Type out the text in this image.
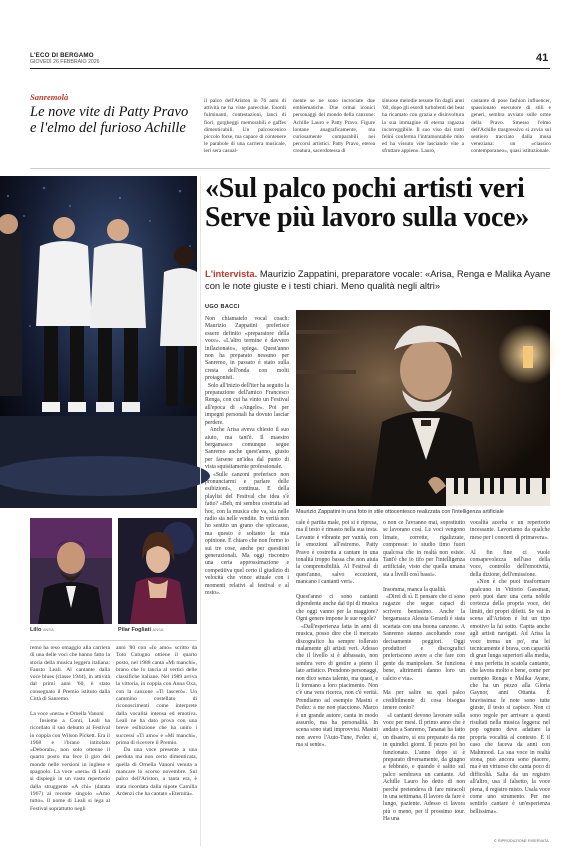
L'ECO DI BERGAMO
GIOVEDÌ 26 FEBBRAIO 2026	41
Sanremolà
Le nove vite di Patty Pravo e l'elmo del furioso Achille
il palco dell'Ariston in 76 anni di attività ne ha viste parecchie. Esordi fulminanti, contestazioni, lanci di fiori, gorgheggi memorabili e gaffes dimenticabili. Un palcoscenico piccolo forse, ma capace di contenere le parabole di una carriera musicale, ieri sera casual-
mente se ne sono incrociate due emblematiche. Due ormai iconici personaggi del mondo della canzone: Achille Lauro e Patty Pravo. Figure lontane anagraficamente, ma curiosamente comparabili nei percorsi artistici. Patty Pravo, eterea creatura, sacerdotessa di
sinuose melodie tessute fin dagli anni '60, dopo gli esordi turbolenti del beat ha ricamato con grazia e disinvoltura la sua immagine di eterna ragazza incorreggibile. Il suo viso dai tratti felini conferma l'intramontabile mito ed ha vissuto vite lasciando vite a sfruttare appieno. Lauro,
cantante di pose fashion influencer, spassionato esecutore di stili e generi, sembra avviato sulle orme della Pravo. Smesso l'elmo dell'Achille trasgressivo si avvia sul sentiero tracciato dalla musa veneziana: un «classico contemporaneo», quasi istituzionale.
«Sul palco pochi artisti veri Serve più lavoro sulla voce»
L'intervista. Maurizio Zappatini, preparatore vocale: «Arisa, Renga e Malika Ayane con le note giuste e i testi chiari. Meno qualità negli altri»
UGO BACCI
Non chiamatelo vocal coach: Maurizio Zappatini preferisce essere definito «preparatore della voce». «L'altro termine è davvero inflazionato», spiega. Quest'anno non ha preparato nessuno per Sanremo, in passato è stato sulla cresta dell'onda con molti protagonisti.
Solo all'inizio dell'iter ha seguito la preparazione dell'amico Francesco Renga, con cui ha vinto un Festival all'epoca di «Angelo». Poi per impegni personali ha dovuto lasciar perdere.
Anche Arisa aveva chiesto il suo aiuto, ma tant'è. Il maestro bergamasco comunque segue Sanremo anche quest'anno, giusto per farsene un'idea dal punto di vista squisitamente professionale.
«Sulle canzoni preferisco non pronunciarmi e parlare delle esibizioni», continua. E della playlist del Festival che idea s'è fatto? «Beh, mi sembra costruita ad hoc, con la musica che va, sia nelle radio sia nelle vendite. In verità non ho sentito un grano che spiccasse, ma questo è soltanto la mia opinione. È chiaro che non formo io sui tre cose, anche per questioni generazionali. Ma oggi riscontro una certa approssimazione e competitiva quel certo il giudizio di velocità che vince attuale con i momenti relativi al festival e al resto».
Maurizio Zappatini in una foto in stile ottocentesco realizzata con l'intelligenza artificiale
cale è partita male, poi si è ripresa, ma il testo è rimasto nella sua testa. Levante è vibrante per vanità, con le emozioni all'estremo. Patty Pravo è costretta a cantare in una tonalità troppo bassa che non aiuta la comprensibilità. Al Festival di quest'anno, salvo eccezioni, mancano i cantanti veri».

Quest'anno ci sono cantanti dipendente anche dai tipi di musica che oggi vanno per la maggiore? Ogni genere impone le sue regole?
«Dall'esperienza fatta in anni di musica, posso dire che il mercato discografico ha sempre tollerato malamente gli artisti veri. Adesso che il livello si è abbassato, non sembra vero di gestire a pieno il lato artistico. Prendono personaggi, non dico senza talento, ma quasi, e li formano a loro piacimento. Non c'è una vera ricerca, non c'è verità. Prendiamo ad esempio Masini e Fedez: a me non piacciono. Marco è un grande autore, canta in modo assurdo, ma ha personalità. In scena sono stati improvvisi. Masini non avevo l'Auto-Tune, Fedez sì, ma si sente».
o non ce l'avranno mai, soprattutto se lavorano così. Le voci vengono limate, corrette, rigalizzate, compresse: io studio timo fuori qualcosa che in realtà non esiste. Tant'è che io tifo per l'intelligenza artificiale, visto che quella umana sta a livelli così bassi».

Insomma, manca la qualità.
«Direi di sì. E pensare che ci sono ragazze che segue capaci di scrivere benissimo. Anche la bergamasca Alessia Gerardi è stata scartata con una buona canzone. A Sanremo stanno ascoltando cose decisamente peggiori. Oggi produttori e discografici preferiscono avere a che fare con gente da manipolare. Se funziona bene, altrimenti danno loro un calcio e via».

Ma per salire su quel palco credibilmente di cosa bisogna tenere conto?
«I cantanti devono lavorare sulla voce per mesi. Il primo anno che è andato a Sanremo, Tananai ha fatto un disastro, si era preparato da me in quindici giorni. Il pezzo poi ho funzionato. L'anno dopo si è preparato diversamente, da giugno a febbraio, e quando è salito sul palco sembrava un cantante. Ad Achille Lauro ho detto di non perché pretendeva di fare miracoli in una settimana. Il lavoro da fare è lungo, paziente. Adesso ci lavora più o meno, per il prossimo tour. Ha una
vocalità acerba e un repertorio incessante. Lavoriamo da qualche mese per i concerti di primavera».

Al fin fine ci vuole consapevolezza nell'uso della voce, controllo dell'emotività, della dizione, dell'emissione.
«Non è che puoi trasformare qualcuno in Vittorio Gassman, però puoi dare una certa nobile cortezza della propria voce, dei limiti, dei propri difetti. Se vai in scena all'Ariston è lui un tipo emotivo la fai sotto. Capita anche agli artisti navigati. Ad Arisa la voce trema un po', ma lei tecnicamente è brava, con capacità di gran lunga superiori alla media, è una perfetta in scatola cantante, che lavora molto e bene, come per esempio Renga e Malika Ayane, che ha un pezzo alla Gloria Gaynor, anni Ottanta. È bravissima: le note sono tutte giuste, il testo si capisce. Non ci sono regole per arrivare a questi risultati nella musica leggera: nel pop ognuno deve adattare la propria vocalità al contesto. È il caso che faceva da anni con Mahmood. La sua voce in realtà stona, può ancora sono piacere, ma è un virtuoso che canta poco di difficoltà. Salta da un registro all'altro, usa il falsetto, la voce piena, il registro misto. Usala voce come uno strumento. Per me sentirlo cantare è un'esperienza bellissima».
© RIPRODUZIONE RISERVATA
Lillo ANSA	Pilar Fogliati ANSA
remo ha reso omaggio alla carriera di una delle voci che hanno fatto la storia della musica leggera italiana: Fausto Leali. Al cantante dalla voce blues (classe 1944), in attività dal primi anni '60, è stato consegnato il Premio istituto dalla Città di Sanremo.

La voce «nera» e Ornella Vanoni
Insieme a Conti, Leali ha ricordato il suo debutto al Festival in coppia con Wilson Pickett. Era il 1968 e l'brano intitolato «Deborah», non solo ottenne il quarto posto ma fece il giro del mondo nelle versioni in inglese e spagnolo. La voce «nera» di Leali si dispiegò in un vasto repertorio dalla struggente «A chi» (datata 1967) al recente singolo «Amo tutto». Il nome di Leali si lega al Festival soprattutto negli
anni '80 con «Io amo» scritto da Toto Cutugno ottiene il quarto posto, nel 1988 canta «Mi manchi», brano che lo lancia al vertici delle classifiche italiane. Nel 1989 arriva la vittoria, in coppia con Anna Oxa, con la canzone «Ti lascerò». Un cammino costellato di riconoscimenti come interprete dalla vocalità intensa ed emotiva. Leali ne ha dato prova con una breve esibizione che ha unito i successi «Ti amo» e «Mi manchi», prima di ricevere il Premio.
Da una voce presente a una perduta ma non certo dimenticata, quella di Ornella Vanoni venuta a mancare lo scorso novembre. Sul palco dell'Ariston, a tanta era, è stata ricordata dalla nipote Camilla Ardenzi che ha cantato «Eternità».
